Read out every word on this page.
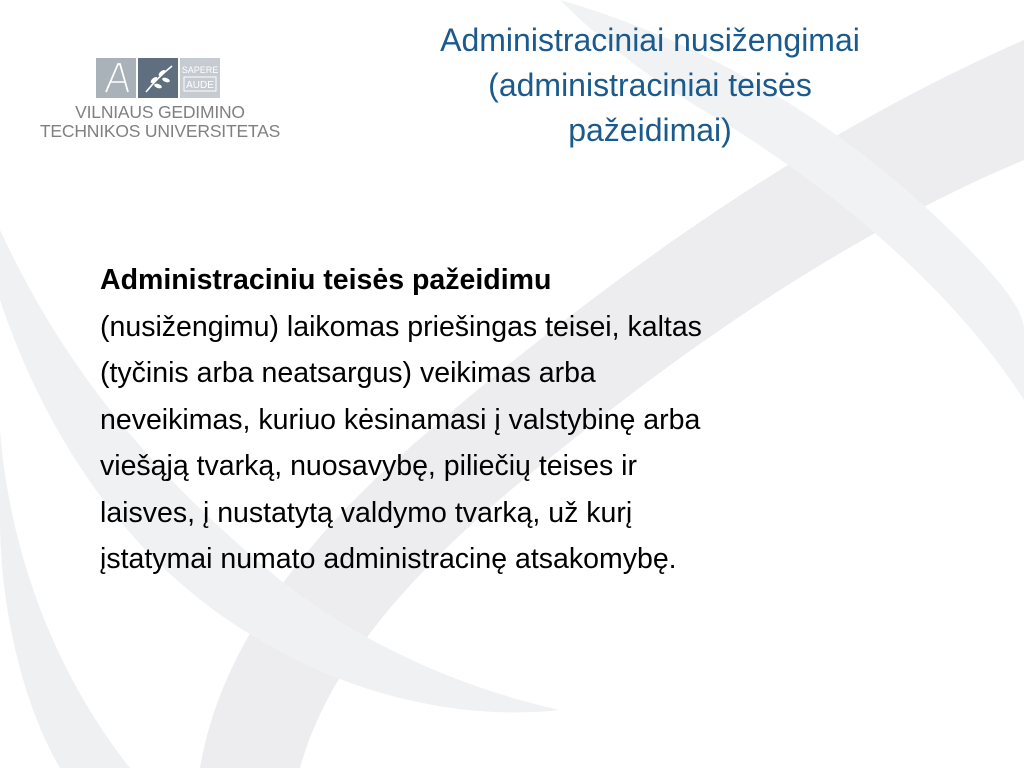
SAPERE
AUDE
VILNIAUS GEDIMINO
TECHNIKOS UNIVERSITETAS
Administraciniai nusižengimai
(administraciniai teisės
pažeidimai)
Administraciniu teisės pažeidimu
(nusižengimu) laikomas priešingas teisei, kaltas
(tyčinis arba neatsargus) veikimas arba
neveikimas, kuriuo kėsinamasi į valstybinę arba
viešąją tvarką, nuosavybę, piliečių teises ir
laisves, į nustatytą valdymo tvarką, už kurį
įstatymai numato administracinę atsakomybę.
